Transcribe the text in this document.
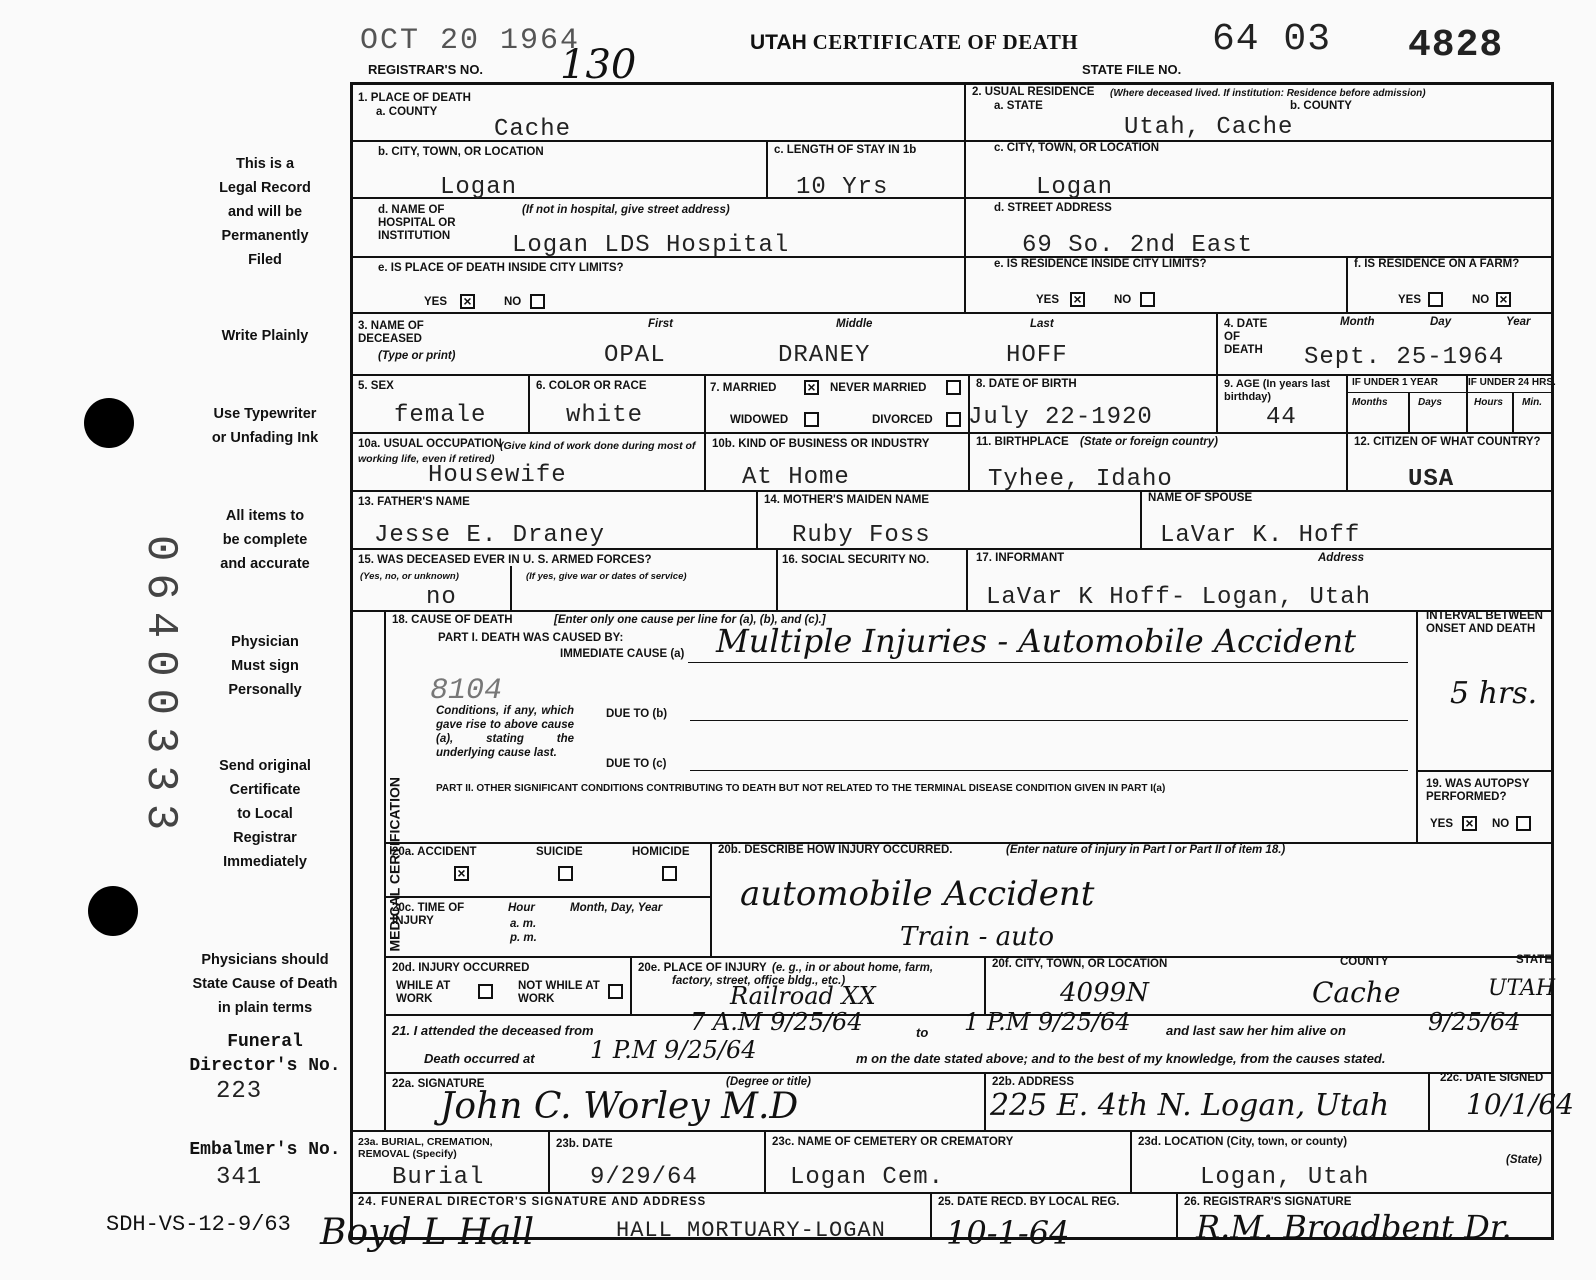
OCT 20 1964
REGISTRAR'S NO. 130	UTAH CERTIFICATE OF DEATH
STATE FILE NO.
64 03 4828
This is a
Legal Record
and will be
Permanently
Filed
Write Plainly
Use Typewriter
or Unfading Ink
All items to
be complete
and accurate
Physician
Must sign
Personally
Send original
Certificate
to Local
Registrar
Immediately
Physicians should
State Cause of Death
in plain terms
Funeral
Director's No.
223
Embalmer's No.
341
SDH-VS-12-9/63
06400333
1. PLACE OF DEATH
a. COUNTY
Cache
2. USUAL RESIDENCE (Where deceased lived. If institution: Residence before admission)
a. STATE	b. COUNTY
Utah, Cache
b. CITY, TOWN, OR LOCATION
Logan
c. LENGTH OF STAY IN 1b
10 Yrs
c. CITY, TOWN, OR LOCATION
Logan
d. NAME OF HOSPITAL OR INSTITUTION
(If not in hospital, give street address)
Logan LDS Hospital
d. STREET ADDRESS
69 So. 2nd East
e. IS PLACE OF DEATH INSIDE CITY LIMITS?
YES ×	NO
e. IS RESIDENCE INSIDE CITY LIMITS?
YES ×	NO
f. IS RESIDENCE ON A FARM?
YES	NO ×
3. NAME OF DECEASED
(Type or print)
First	Middle	Last
OPAL	DRANEY	HOFF
4. DATE OF DEATH
Month	Day	Year
Sept. 25-1964
5. SEX
female
6. COLOR OR RACE
white
7. MARRIED × NEVER MARRIED
WIDOWED	DIVORCED
8. DATE OF BIRTH
July 22-1920
9. AGE (In years last birthday)
44
IF UNDER 1 YEAR	IF UNDER 24 HRS.
Months	Days	Hours Min.
10a. USUAL OCCUPATION
(Give kind of work done during most of working life, even if retired)
Housewife
10b. KIND OF BUSINESS OR INDUSTRY
At Home
11. BIRTHPLACE (State or foreign country)
Tyhee, Idaho
12. CITIZEN OF WHAT COUNTRY?
USA
13. FATHER'S NAME
Jesse E. Draney
14. MOTHER'S MAIDEN NAME
Ruby Foss
NAME OF SPOUSE
LaVar K. Hoff
15. WAS DECEASED EVER IN U. S. ARMED FORCES?
(Yes, no, or unknown)	(If yes, give war or dates of service)
no
16. SOCIAL SECURITY NO.	17. INFORMANT	Address
LaVar K Hoff- Logan, Utah
MEDICAL CERTIFICATION
18. CAUSE OF DEATH	[Enter only one cause per line for (a), (b), and (c).]
PART I. DEATH WAS CAUSED BY:
IMMEDIATE CAUSE (a) Multiple Injuries - Automobile Accident
8104
Conditions, if any, which gave rise to above cause (a), stating the underlying cause last.
DUE TO (b)
DUE TO (c)
INTERVAL BETWEEN ONSET AND DEATH
5 hrs.
PART II. OTHER SIGNIFICANT CONDITIONS CONTRIBUTING TO DEATH BUT NOT RELATED TO THE TERMINAL DISEASE CONDITION GIVEN IN PART I(a)	19. WAS AUTOPSY PERFORMED?
YES × NO
20a. ACCIDENT
×
SUICIDE	HOMICIDE 20b. DESCRIBE HOW INJURY OCCURRED.	(Enter nature of injury in Part I or Part II of item 18.)
automobile Accident
Train - auto
20c. TIME OF INJURY
Hour
a. m.
p. m.
Month, Day, Year
20d. INJURY OCCURRED
WHILE AT WORK
NOT WHILE AT WORK
20e. PLACE OF INJURY (e. g., in or about home, farm, factory, street, office bldg., etc.)
Railroad XX
20f. CITY, TOWN, OR LOCATION
4099N
COUNTY
Cache
STATE
UTAH
21. I attended the deceased from	7 A.M 9/25/64	to 1 P.M 9/25/64	and last saw her him alive on	9/25/64
Death occurred at 1 P.M 9/25/64	m on the date stated above; and to the best of my knowledge, from the causes stated.
22a. SIGNATURE	(Degree or title)
John C. Worley M.D
22b. ADDRESS
225 E. 4th N. Logan, Utah
22c. DATE SIGNED
10/1/64
23a. BURIAL, CREMATION, REMOVAL (Specify)
Burial
23b. DATE
9/29/64
23c. NAME OF CEMETERY OR CREMATORY
Logan Cem.
23d. LOCATION (City, town, or county)
(State)
Logan, Utah
24. FUNERAL DIRECTOR'S SIGNATURE AND ADDRESS
Boyd L Hall	HALL MORTUARY-LOGAN
25. DATE RECD. BY LOCAL REG.
10-1-64
26. REGISTRAR'S SIGNATURE
R.M. Broadbent Dr.
